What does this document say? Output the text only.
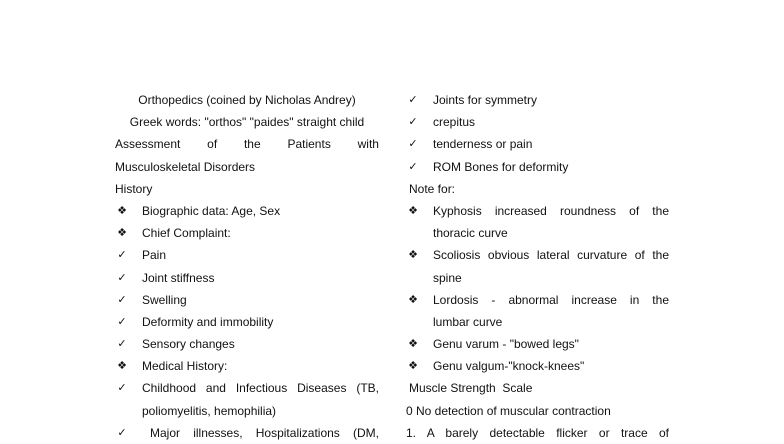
Orthopedics (coined by Nicholas Andrey)
Greek words: "orthos" "paides" straight child
Assessment of the Patients with
Musculoskeletal Disorders
History
❖ Biographic data: Age, Sex
❖ Chief Complaint:
✓ Pain
✓ Joint stiffness
✓ Swelling
✓ Deformity and immobility
✓ Sensory changes
❖ Medical History:
✓ Childhood and Infectious Diseases (TB,
poliomyelitis, hemophilia)
✓	Major illnesses, Hospitalizations (DM,
✓ Joints for symmetry
✓ crepitus
✓ tenderness or pain
✓ ROM Bones for deformity
Note for:
❖ Kyphosis increased roundness of the
thoracic curve
❖ Scoliosis obvious lateral curvature of the
spine
❖ Lordosis - abnormal increase in the
lumbar curve
❖ Genu varum - "bowed legs"
❖ Genu valgum-"knock-knees"
Muscle Strength  Scale
0 No detection of muscular contraction
1. A barely detectable flicker or trace of
